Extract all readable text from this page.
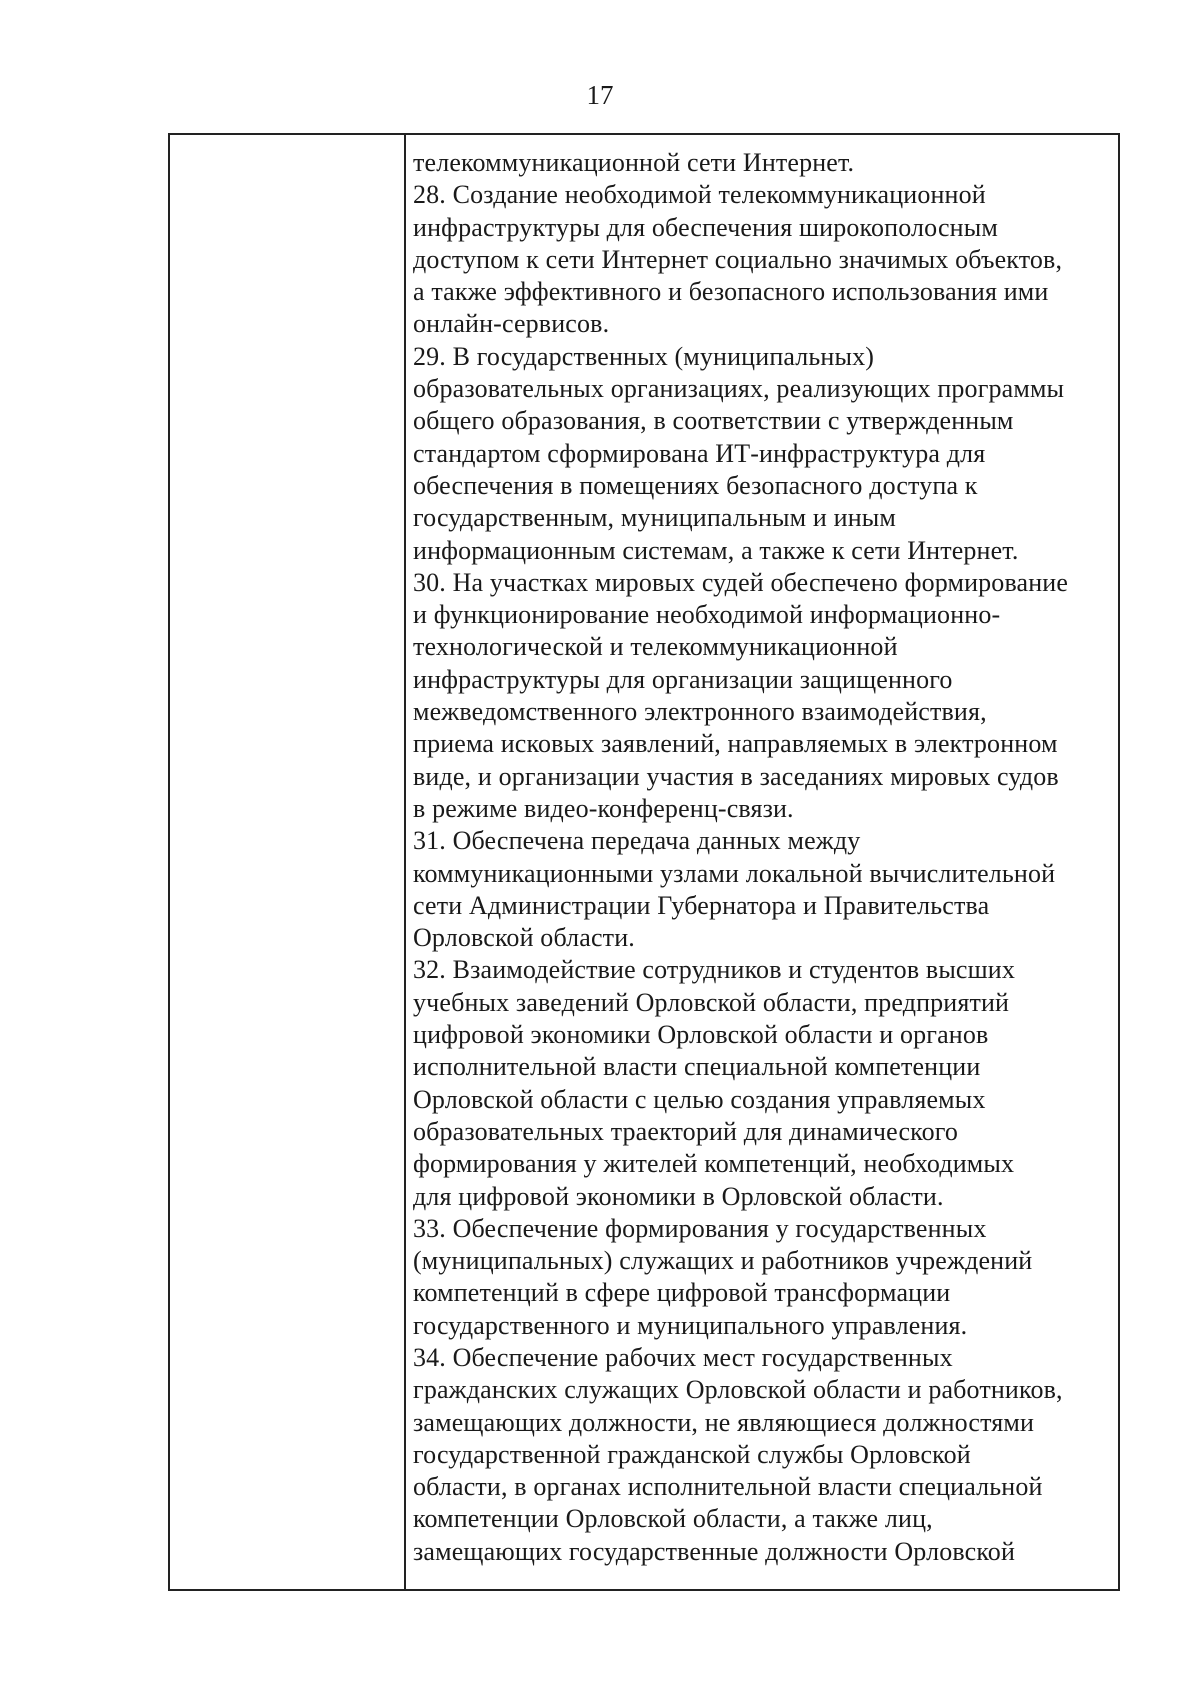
17
телекоммуникационной сети Интернет.
28. Создание необходимой телекоммуникационной
инфраструктуры для обеспечения широкополосным
доступом к сети Интернет социально значимых объектов,
а также эффективного и безопасного использования ими
онлайн-сервисов.
29. В государственных (муниципальных)
образовательных организациях, реализующих программы
общего образования, в соответствии с утвержденным
стандартом сформирована ИТ-инфраструктура для
обеспечения в помещениях безопасного доступа к
государственным, муниципальным и иным
информационным системам, а также к сети Интернет.
30. На участках мировых судей обеспечено формирование
и функционирование необходимой информационно-
технологической и телекоммуникационной
инфраструктуры для организации защищенного
межведомственного электронного взаимодействия,
приема исковых заявлений, направляемых в электронном
виде, и организации участия в заседаниях мировых судов
в режиме видео-конференц-связи.
31. Обеспечена передача данных между
коммуникационными узлами локальной вычислительной
сети Администрации Губернатора и Правительства
Орловской области.
32. Взаимодействие сотрудников и студентов высших
учебных заведений Орловской области, предприятий
цифровой экономики Орловской области и органов
исполнительной власти специальной компетенции
Орловской области с целью создания управляемых
образовательных траекторий для динамического
формирования у жителей компетенций, необходимых
для цифровой экономики в Орловской области.
33. Обеспечение формирования у государственных
(муниципальных) служащих и работников учреждений
компетенций в сфере цифровой трансформации
государственного и муниципального управления.
34. Обеспечение рабочих мест государственных
гражданских служащих Орловской области и работников,
замещающих должности, не являющиеся должностями
государственной гражданской службы Орловской
области, в органах исполнительной власти специальной
компетенции Орловской области, а также лиц,
замещающих государственные должности Орловской
